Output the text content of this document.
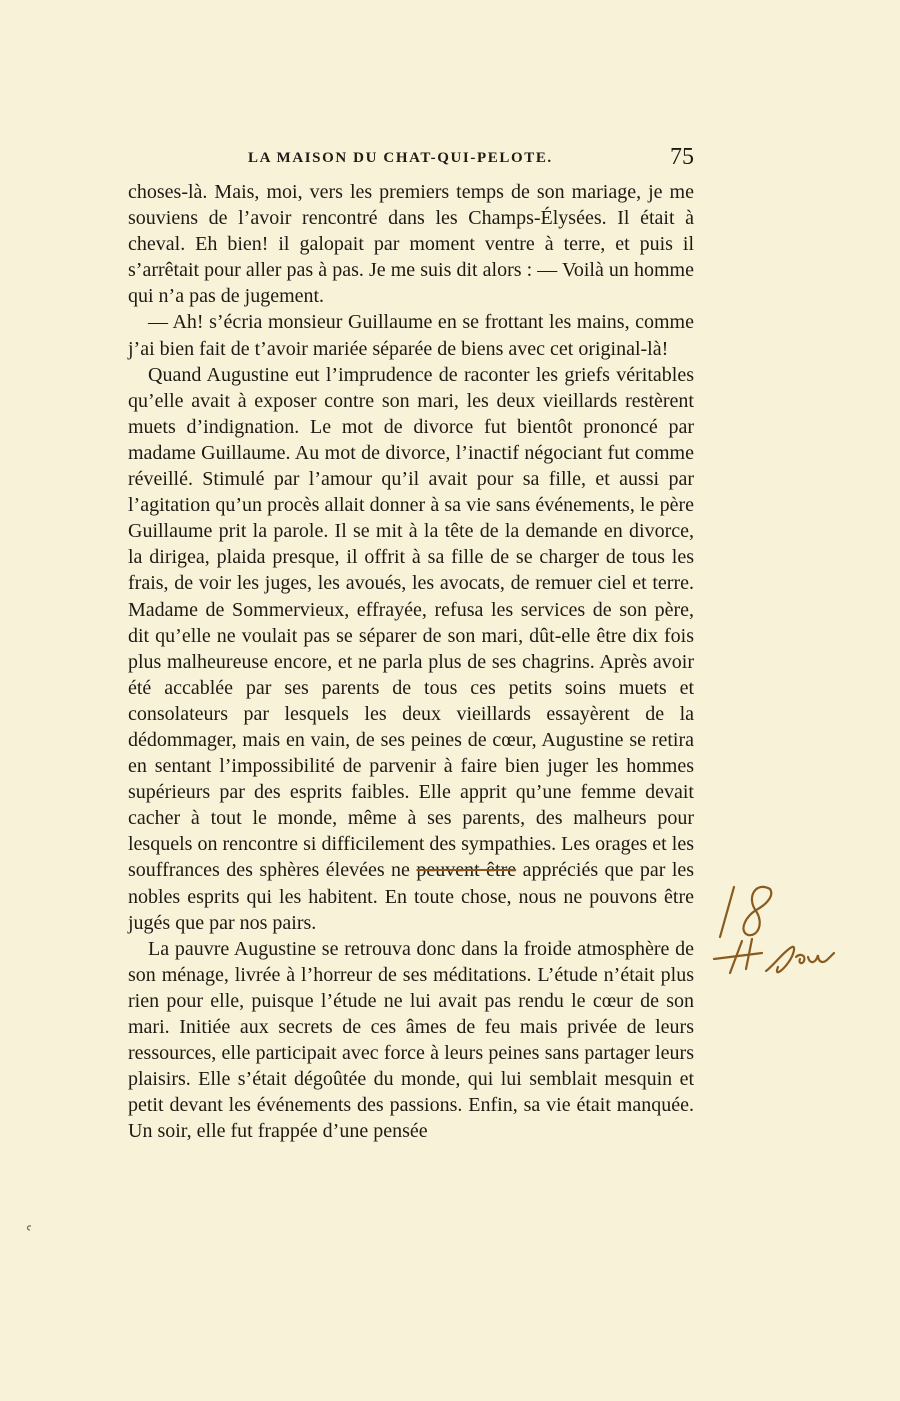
LA MAISON DU CHAT-QUI-PELOTE.	75

choses-là. Mais, moi, vers les premiers temps de son mariage, je me souviens de l’avoir rencontré dans les Champs-Élysées. Il était à cheval. Eh bien! il galopait par moment ventre à terre, et puis il s’arrêtait pour aller pas à pas. Je me suis dit alors : — Voilà un homme qui n’a pas de jugement.

— Ah! s’écria monsieur Guillaume en se frottant les mains, comme j’ai bien fait de t’avoir mariée séparée de biens avec cet original-là!

Quand Augustine eut l’imprudence de raconter les griefs véritables qu’elle avait à exposer contre son mari, les deux vieillards restèrent muets d’indignation. Le mot de divorce fut bientôt prononcé par madame Guillaume. Au mot de divorce, l’inactif négociant fut comme réveillé. Stimulé par l’amour qu’il avait pour sa fille, et aussi par l’agitation qu’un procès allait donner à sa vie sans événements, le père Guillaume prit la parole. Il se mit à la tête de la demande en divorce, la dirigea, plaida presque, il offrit à sa fille de se charger de tous les frais, de voir les juges, les avoués, les avocats, de remuer ciel et terre. Madame de Sommervieux, effrayée, refusa les services de son père, dit qu’elle ne voulait pas se séparer de son mari, dût-elle être dix fois plus malheureuse encore, et ne parla plus de ses chagrins. Après avoir été accablée par ses parents de tous ces petits soins muets et consolateurs par lesquels les deux vieillards essayèrent de la dédommager, mais en vain, de ses peines de cœur, Augustine se retira en sentant l’impossibilité de parvenir à faire bien juger les hommes supérieurs par des esprits faibles. Elle apprit qu’une femme devait cacher à tout le monde, même à ses parents, des malheurs pour lesquels on rencontre si difficilement des sympathies. Les orages et les souffrances des sphères élevées ne peuvent être appréciés que par les nobles esprits qui les habitent. En toute chose, nous ne pouvons être jugés que par nos pairs.

La pauvre Augustine se retrouva donc dans la froide atmosphère de son ménage, livrée à l’horreur de ses méditations. L’étude n’était plus rien pour elle, puisque l’étude ne lui avait pas rendu le cœur de son mari. Initiée aux secrets de ces âmes de feu mais privée de leurs ressources, elle participait avec force à leurs peines sans partager leurs plaisirs. Elle s’était dégoûtée du monde, qui lui semblait mesquin et petit devant les événements des passions. Enfin, sa vie était manquée. Un soir, elle fut frappée d’une pensée
